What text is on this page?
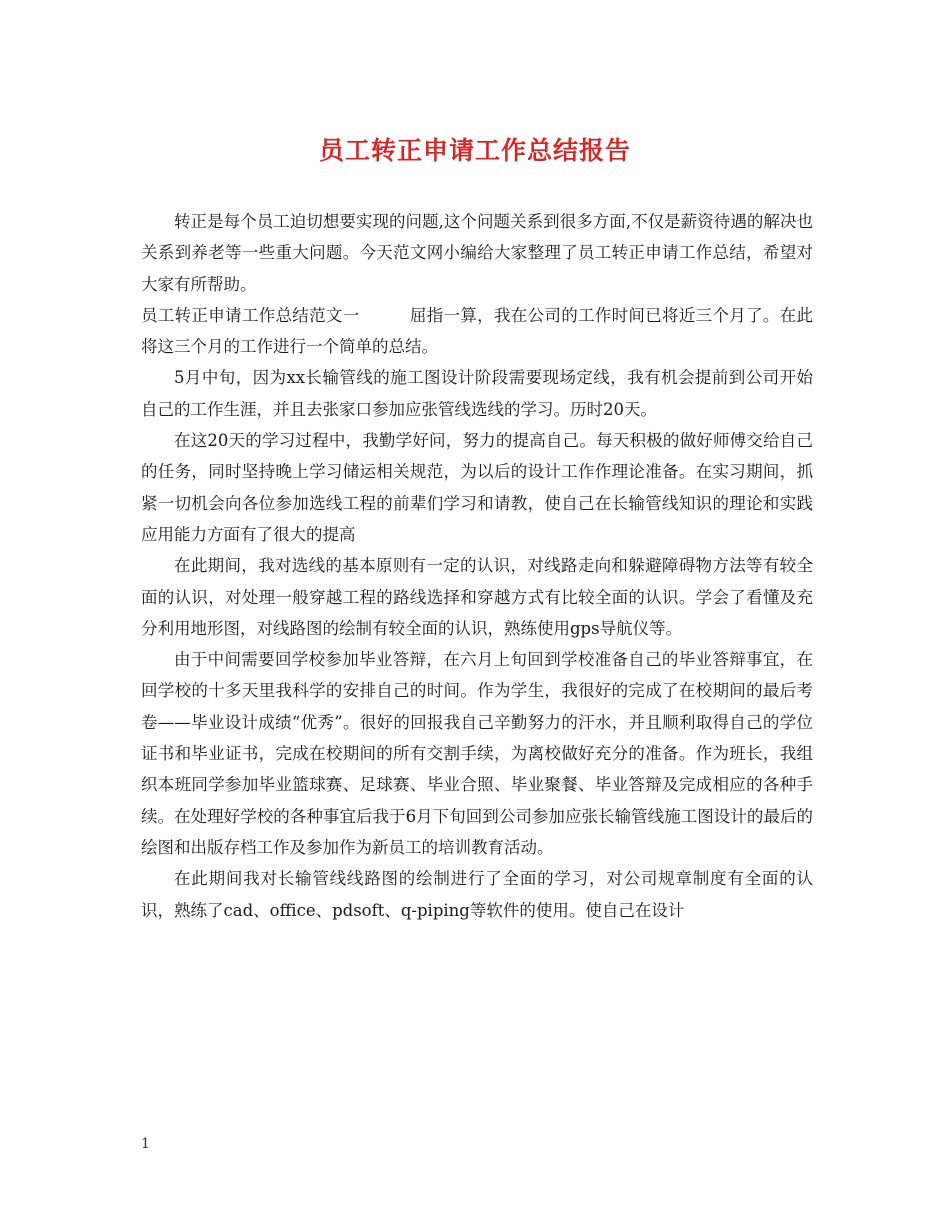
员工转正申请工作总结报告

转正是每个员工迫切想要实现的问题,这个问题关系到很多方面,不仅是薪资待遇的解决也关系到养老等一些重大问题。今天范文网小编给大家整理了员工转正申请工作总结，希望对大家有所帮助。

员工转正申请工作总结范文一　　　屈指一算，我在公司的工作时间已将近三个月了。在此将这三个月的工作进行一个简单的总结。

5月中旬，因为xx长输管线的施工图设计阶段需要现场定线，我有机会提前到公司开始自己的工作生涯，并且去张家口参加应张管线选线的学习。历时20天。

在这20天的学习过程中，我勤学好问，努力的提高自己。每天积极的做好师傅交给自己的任务，同时坚持晚上学习储运相关规范，为以后的设计工作作理论准备。在实习期间，抓紧一切机会向各位参加选线工程的前辈们学习和请教，使自己在长输管线知识的理论和实践应用能力方面有了很大的提高

在此期间，我对选线的基本原则有一定的认识，对线路走向和躲避障碍物方法等有较全面的认识，对处理一般穿越工程的路线选择和穿越方式有比较全面的认识。学会了看懂及充分利用地形图，对线路图的绘制有较全面的认识，熟练使用gps导航仪等。

由于中间需要回学校参加毕业答辩，在六月上旬回到学校准备自己的毕业答辩事宜，在回学校的十多天里我科学的安排自己的时间。作为学生，我很好的完成了在校期间的最后考卷——毕业设计成绩“优秀”。很好的回报我自己辛勤努力的汗水，并且顺利取得自己的学位证书和毕业证书，完成在校期间的所有交割手续，为离校做好充分的准备。作为班长，我组织本班同学参加毕业篮球赛、足球赛、毕业合照、毕业聚餐、毕业答辩及完成相应的各种手续。在处理好学校的各种事宜后我于6月下旬回到公司参加应张长输管线施工图设计的最后的绘图和出版存档工作及参加作为新员工的培训教育活动。

在此期间我对长输管线线路图的绘制进行了全面的学习，对公司规章制度有全面的认识，熟练了cad、office、pdsoft、q-piping等软件的使用。使自己在设计

1
